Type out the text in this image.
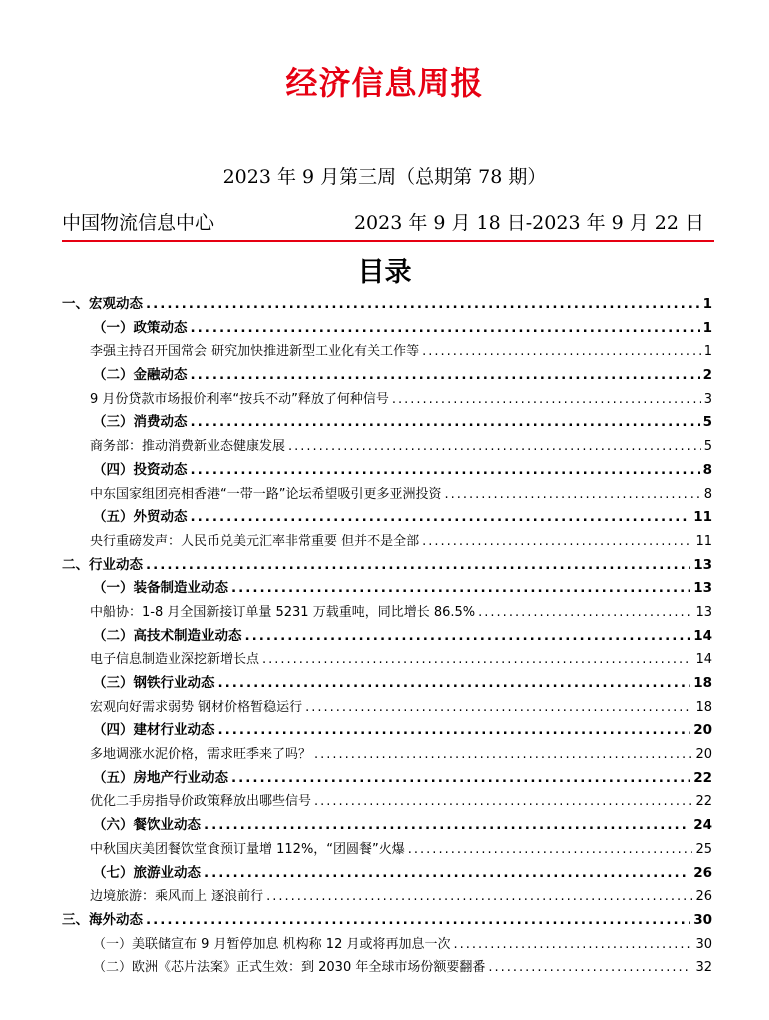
经济信息周报
2023 年 9 月第三周（总期第 78 期）
中国物流信息中心	2023 年 9 月 18 日-2023 年 9 月 22 日
目录
一、宏观动态 .....	1
（一）政策动态 .....	1
李强主持召开国常会 研究加快推进新型工业化有关工作等 .....	1
（二）金融动态 .....	2
9 月份贷款市场报价利率“按兵不动”释放了何种信号 .....	3
（三）消费动态 .....	5
商务部：推动消费新业态健康发展 .....	5
（四）投资动态 .....	8
中东国家组团亮相香港“一带一路”论坛希望吸引更多亚洲投资 .....	8
（五）外贸动态 .....	11
央行重磅发声：人民币兑美元汇率非常重要 但并不是全部 .....	11
二、行业动态 .....	13
（一）装备制造业动态 .....	13
中船协：1-8 月全国新接订单量 5231 万载重吨，同比增长 86.5% .....	13
（二）高技术制造业动态 .....	14
电子信息制造业深挖新增长点 .....	14
（三）钢铁行业动态 .....	18
宏观向好需求弱势 钢材价格暂稳运行 .....	18
（四）建材行业动态 .....	20
多地调涨水泥价格，需求旺季来了吗？ .....	20
（五）房地产行业动态 .....	22
优化二手房指导价政策释放出哪些信号 .....	22
（六）餐饮业动态 .....	24
中秋国庆美团餐饮堂食预订量增 112%，“团圆餐”火爆 .....	25
（七）旅游业动态 .....	26
边境旅游：乘风而上 逐浪前行 .....	26
三、海外动态 .....	30
（一）美联储宣布 9 月暂停加息 机构称 12 月或将再加息一次 .....	30
（二）欧洲《芯片法案》正式生效：到 2030 年全球市场份额要翻番 .....	32
